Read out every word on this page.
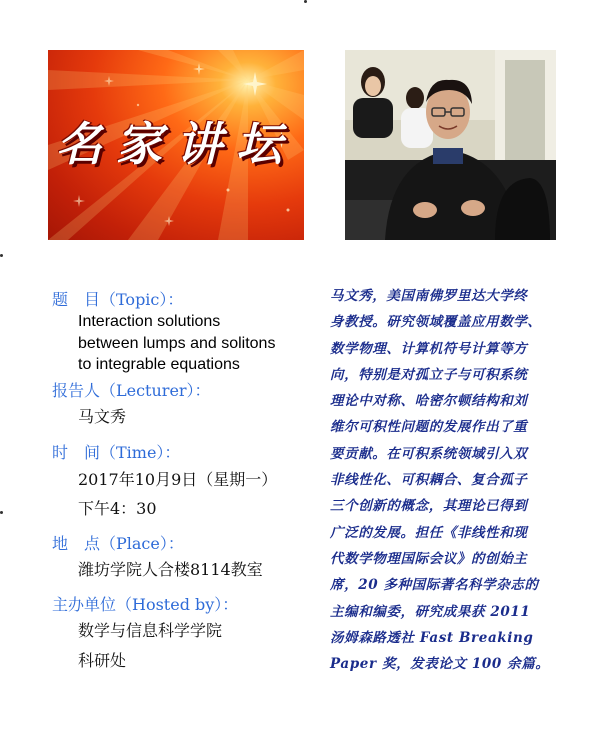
名家讲坛
题　目（Topic）：
Interaction solutions
between lumps and solitons
to integrable equations
报告人（Lecturer）：
马文秀
时　间（Time）：
2017年10月9日（星期一）
下午4：30
地　点（Place）：
潍坊学院人合楼8114教室
主办单位（Hosted by）：
数学与信息科学学院
科研处
马文秀，美国南佛罗里达大学终
身教授。研究领域覆盖应用数学、
数学物理、计算机符号计算等方
向，特别是对孤立子与可积系统
理论中对称、哈密尔顿结构和刘
维尔可积性问题的发展作出了重
要贡献。在可积系统领域引入双
非线性化、可积耦合、复合孤子
三个创新的概念，其理论已得到
广泛的发展。担任《非线性和现
代数学物理国际会议》的创始主
席，20 多种国际著名科学杂志的
主编和编委，研究成果获 2011
汤姆森路透社 Fast Breaking
Paper 奖，发表论文 100 余篇。
